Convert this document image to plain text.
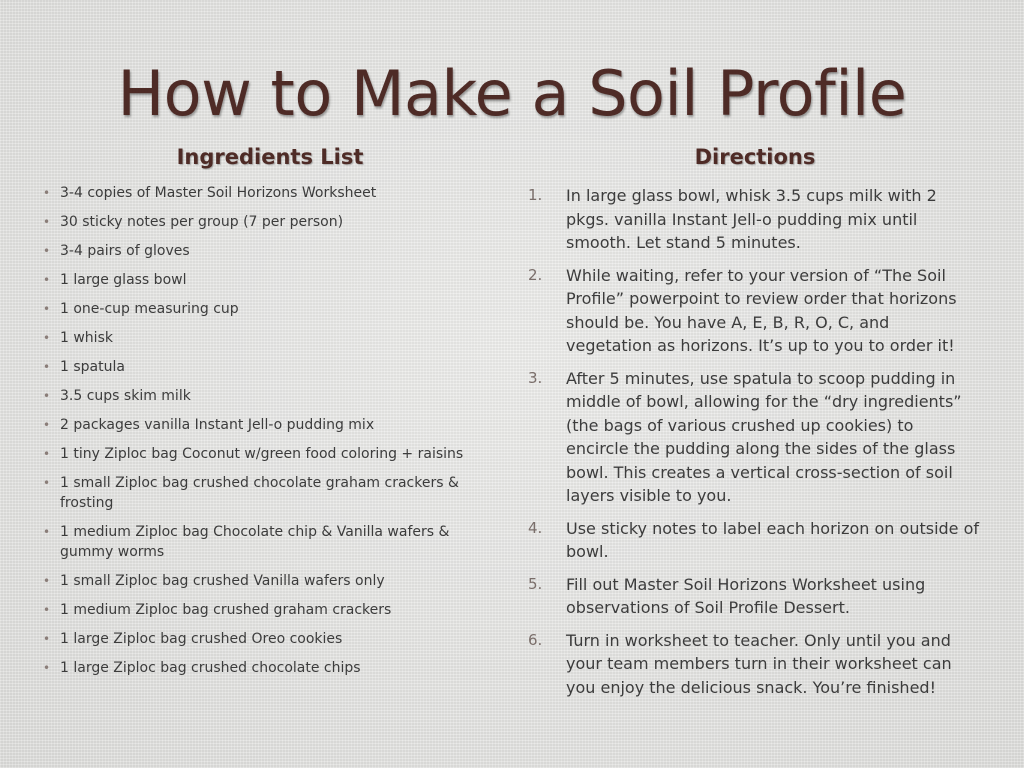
How to Make a Soil Profile
Ingredients List	Directions
• 3-4 copies of Master Soil Horizons Worksheet
• 30 sticky notes per group (7 per person)
• 3-4 pairs of gloves
• 1 large glass bowl
• 1 one-cup measuring cup
• 1 whisk
• 1 spatula
• 3.5 cups skim milk
• 2 packages vanilla Instant Jell-o pudding mix
• 1 tiny Ziploc bag Coconut w/green food coloring + raisins
• 1 small Ziploc bag crushed chocolate graham crackers & frosting
• 1 medium Ziploc bag Chocolate chip & Vanilla wafers & gummy worms
• 1 small Ziploc bag crushed Vanilla wafers only
• 1 medium Ziploc bag crushed graham crackers
• 1 large Ziploc bag crushed Oreo cookies
• 1 large Ziploc bag crushed chocolate chips
1. In large glass bowl, whisk 3.5 cups milk with 2 pkgs. vanilla Instant Jell-o pudding mix until smooth. Let stand 5 minutes.
2. While waiting, refer to your version of “The Soil Profile” powerpoint to review order that horizons should be. You have A, E, B, R, O, C, and vegetation as horizons. It’s up to you to order it!
3. After 5 minutes, use spatula to scoop pudding in middle of bowl, allowing for the “dry ingredients” (the bags of various crushed up cookies) to encircle the pudding along the sides of the glass bowl. This creates a vertical cross-section of soil layers visible to you.
4. Use sticky notes to label each horizon on outside of bowl.
5. Fill out Master Soil Horizons Worksheet using observations of Soil Profile Dessert.
6. Turn in worksheet to teacher. Only until you and your team members turn in their worksheet can you enjoy the delicious snack. You’re finished!
